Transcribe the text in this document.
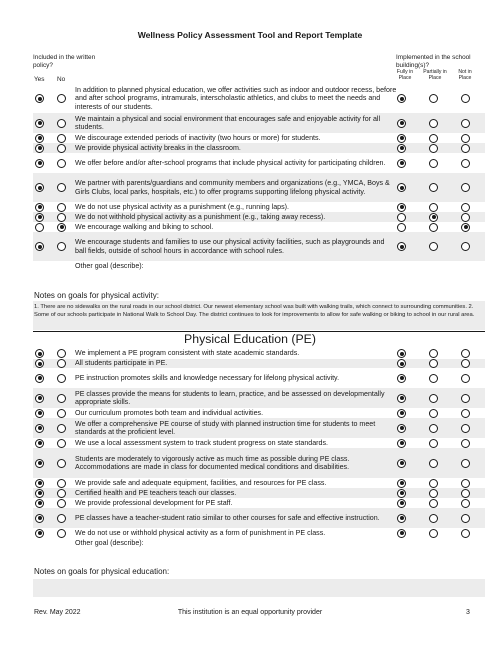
Wellness Policy Assessment Tool and Report Template
Included in the written policy?
Yes No
Implemented in the school building(s)?
Fully in Place
Partially in Place
Not in Place
In addition to planned physical education, we offer activities such as indoor and outdoor recess, before and after school programs, intramurals, interscholastic athletics, and clubs to meet the needs and interests of our students.
We maintain a physical and social environment that encourages safe and enjoyable activity for all students.
We discourage extended periods of inactivity (two hours or more) for students.
We provide physical activity breaks in the classroom.
We offer before and/or after-school programs that include physical activity for participating children.
We partner with parents/guardians and community members and organizations (e.g., YMCA, Boys & Girls Clubs, local parks, hospitals, etc.) to offer programs supporting lifelong physical activity.
We do not use physical activity as a punishment (e.g., running laps).
We do not withhold physical activity as a punishment (e.g., taking away recess).
We encourage walking and biking to school.
We encourage students and families to use our physical activity facilities, such as playgrounds and ball fields, outside of school hours in accordance with school rules.
Other goal (describe):
Notes on goals for physical activity:
1. There are no sidewalks on the rural roads in our school district. Our newest elementary school was built with walking trails, which connect to surrounding communities. 2. Some of our schools participate in National Walk to School Day. The district continues to look for improvements to allow for safe walking or biking to school in our rural area.
Physical Education (PE)
We implement a PE program consistent with state academic standards.
All students participate in PE.
PE instruction promotes skills and knowledge necessary for lifelong physical activity.
PE classes provide the means for students to learn, practice, and be assessed on developmentally appropriate skills.
Our curriculum promotes both team and individual activities.
We offer a comprehensive PE course of study with planned instruction time for students to meet standards at the proficient level.
We use a local assessment system to track student progress on state standards.
Students are moderately to vigorously active as much time as possible during PE class. Accommodations are made in class for documented medical conditions and disabilities.
We provide safe and adequate equipment, facilities, and resources for PE class.
Certified health and PE teachers teach our classes.
We provide professional development for PE staff.
PE classes have a teacher-student ratio similar to other courses for safe and effective instruction.
We do not use or withhold physical activity as a form of punishment in PE class.
Other goal (describe):
Notes on goals for physical education:
Rev. May 2022	This institution is an equal opportunity provider	3
